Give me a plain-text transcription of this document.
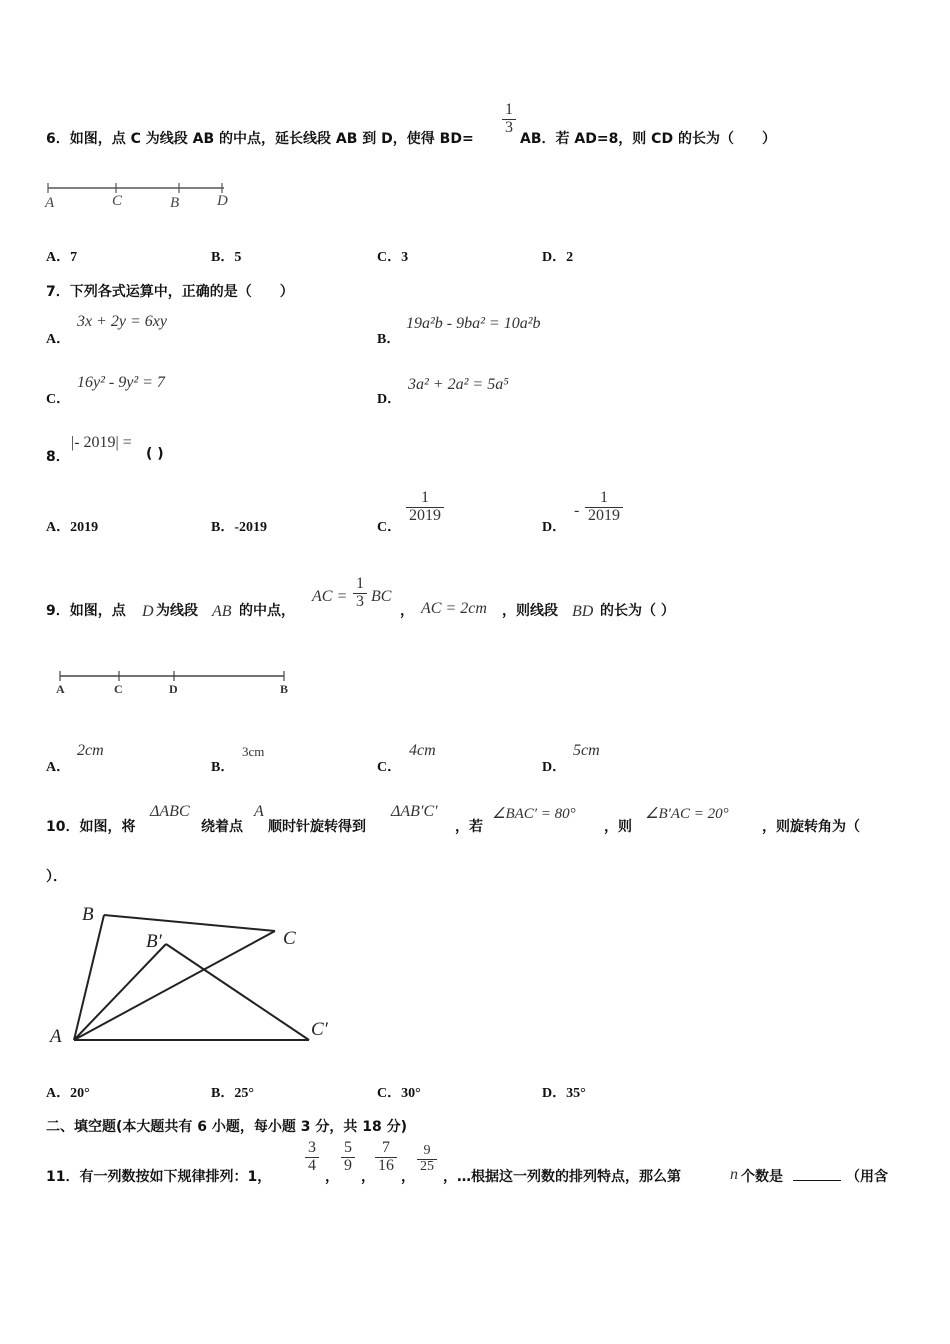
6．如图，点 C 为线段 AB 的中点，延长线段 AB 到 D，使得 BD=
$\frac{1}{3}$
AB．若 AD=8，则 CD 的长为（　　）
A	C	B	D
A．7	B．5	C．3	D．2
7．下列各式运算中，正确的是（　　）
A．
3x + 2y = 6xy
B．
19a²b - 9ba² = 10a²b
C．
16y² - 9y² = 7
D．
3a² + 2a² = 5a⁵
8．
|- 2019| =
( )
A．2019	B．-2019	C．
$\frac{1}{2019}$
D．
- $\frac{1}{2019}$
9．如图，点 D 为线段 AB 的中点，
AC = $\frac{1}{3}$ BC
， AC = 2cm ，则线段 BD 的长为（ ）
A	C	D	B
A．
2cm
B．
3cm
C．
4cm
D．
5cm
10．如图，将
ΔABC
绕着点
A
顺时针旋转得到
ΔAB′C′
，若
∠BAC′ = 80°
，则
∠B′AC = 20°
，则旋转角为（
）．
B
B′	C
A	C′
A．20°	B．25°	C．30°	D．35°
二、填空题(本大题共有 6 小题，每小题 3 分，共 18 分)
11．有一列数按如下规律排列：1，
$\frac{3}{4}$
，
$\frac{5}{9}$
，
$\frac{7}{16}$
，
$\frac{9}{25}$
，…根据这一列数的排列特点，那么第	n 个数是	（用含
